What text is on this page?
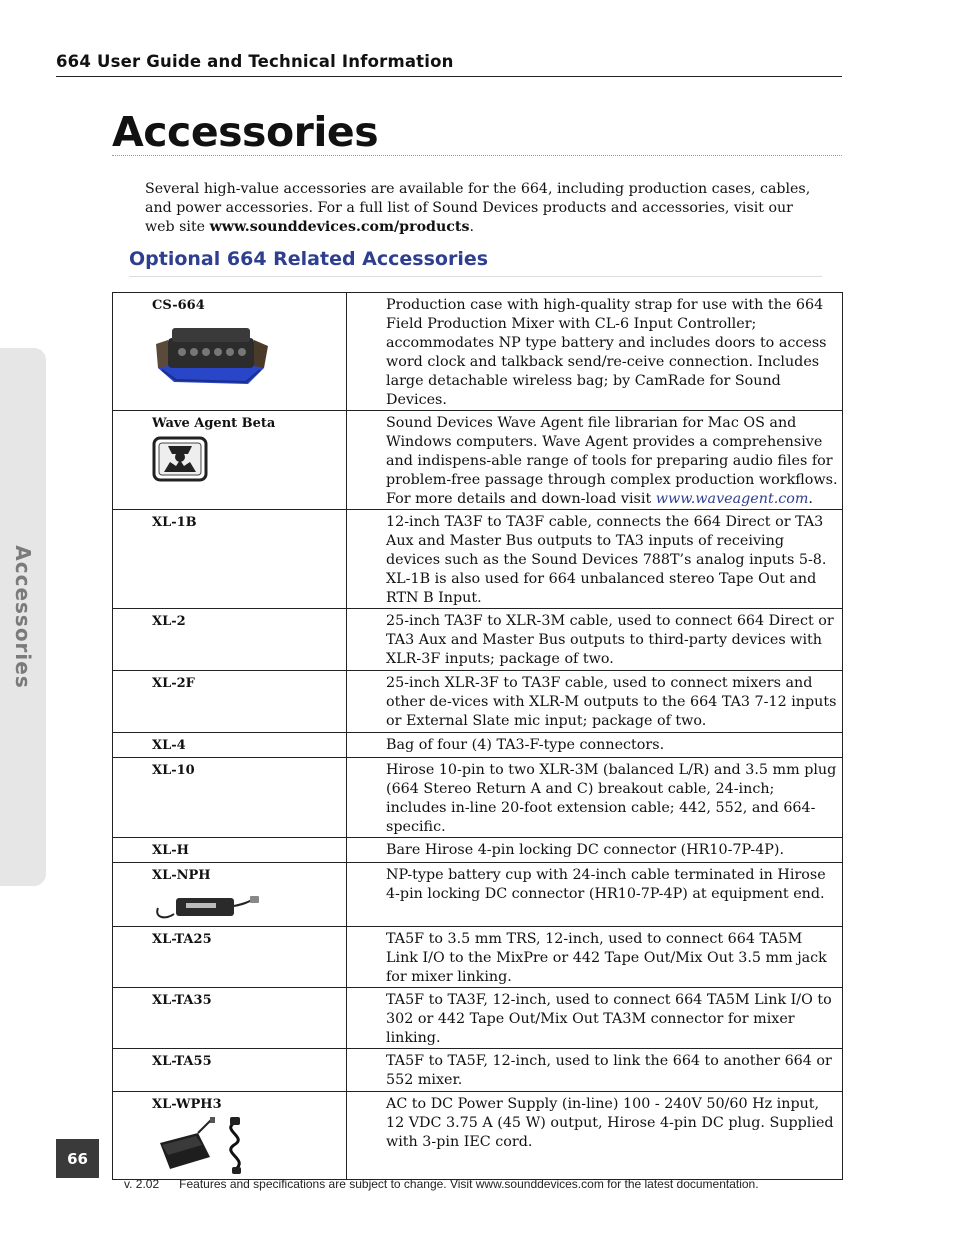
664 User Guide and Technical Information
Accessories
Accessories
Several high-value accessories are available for the 664, including production cases, cables, and power accessories. For a full list of Sound Devices products and accessories, visit our web site www.sounddevices.com/products.
Optional 664 Related Accessories
CS-664	Production case with high-quality strap for use with the 664 Field Production Mixer with CL-6 Input Controller; accommodates NP type battery and includes doors to access word clock and talkback send/re-ceive connection. Includes large detachable wireless bag; by CamRade for Sound Devices.

Wave Agent Beta	Sound Devices Wave Agent file librarian for Mac OS and Windows computers. Wave Agent provides a comprehensive and indispens-able range of tools for preparing audio files for problem-free passage through complex production workflows. For more details and down-load visit www.waveagent.com.

XL-1B	12-inch TA3F to TA3F cable, connects the 664 Direct or TA3 Aux and Master Bus outputs to TA3 inputs of receiving devices such as the Sound Devices 788T’s analog inputs 5-8. XL-1B is also used for 664 unbalanced stereo Tape Out and RTN B Input.

XL-2	25-inch TA3F to XLR-3M cable, used to connect 664 Direct or TA3 Aux and Master Bus outputs to third-party devices with XLR-3F inputs; package of two.

XL-2F	25-inch XLR-3F to TA3F cable, used to connect mixers and other de-vices with XLR-M outputs to the 664 TA3 7-12 inputs or External Slate mic input; package of two.

XL-4	Bag of four (4) TA3-F-type connectors.

XL-10	Hirose 10-pin to two XLR-3M (balanced L/R) and 3.5 mm plug (664 Stereo Return A and C) breakout cable, 24-inch; includes in-line 20-foot extension cable; 442, 552, and 664-specific.

XL-H	Bare Hirose 4-pin locking DC connector (HR10-7P-4P).

XL-NPH	NP-type battery cup with 24-inch cable terminated in Hirose 4-pin locking DC connector (HR10-7P-4P) at equipment end.

XL-TA25	TA5F to 3.5 mm TRS, 12-inch, used to connect 664 TA5M Link I/O to the MixPre or 442 Tape Out/Mix Out 3.5 mm jack for mixer linking.

XL-TA35	TA5F to TA3F, 12-inch, used to connect 664 TA5M Link I/O to 302 or 442 Tape Out/Mix Out TA3M connector for mixer linking.

XL-TA55	TA5F to TA5F, 12-inch, used to link the 664 to another 664 or 552 mixer.

XL-WPH3	AC to DC Power Supply (in-line) 100 - 240V 50/60 Hz input, 12 VDC 3.75 A (45 W) output, Hirose 4-pin DC plug. Supplied with 3-pin IEC cord.
66
v. 2.02 Features and specifications are subject to change. Visit www.sounddevices.com for the latest documentation.
